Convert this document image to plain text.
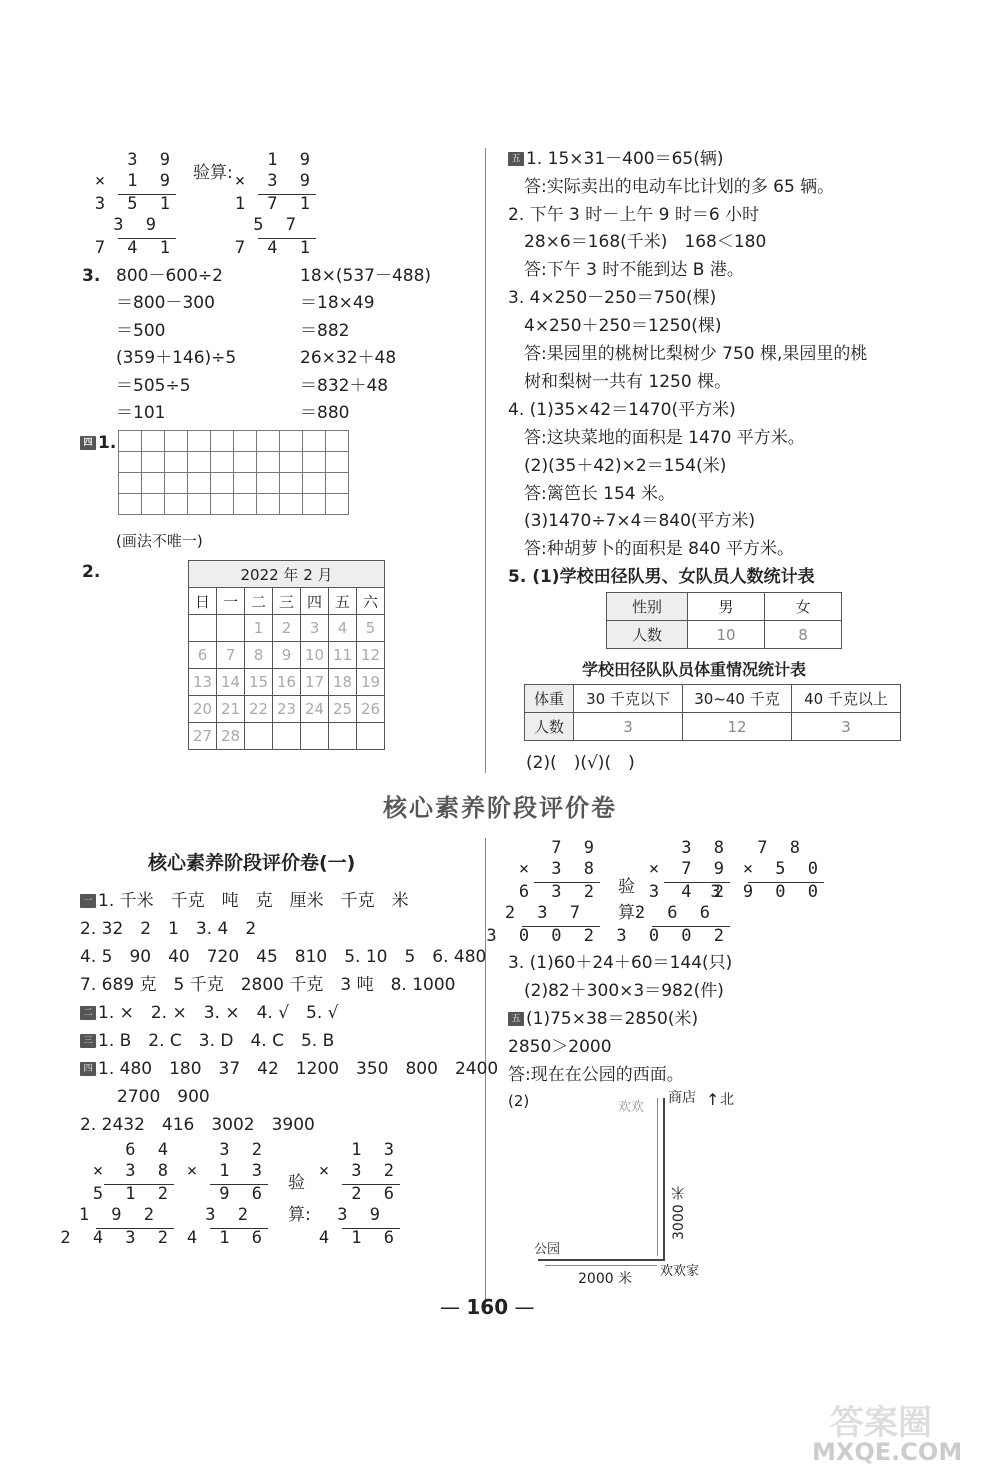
3 9
× 1 9
3 5 1
3 9
7 4 1
验算:
1 9
× 3 9
1 7 1
5 7
7 4 1
3. 800－600÷2
＝800－300
＝500
(359＋146)÷5
＝505÷5
＝101
18×(537－488)
＝18×49
＝882
26×32＋48
＝832＋48
＝880
四 1.

(画法不唯一)
2.	2022 年 2 月						
日	一	二	三	四	五	六
		1	2	3	4	5
6	7	8	9	10	11	12
13	14	15	16	17	18	19
20	21	22	23	24	25	26
27	28					
五 1. 15×31－400＝65(辆)
答:实际卖出的电动车比计划的多 65 辆。
2. 下午 3 时－上午 9 时＝6 小时
28×6＝168(千米)　168＜180
答:下午 3 时不能到达 B 港。
3. 4×250－250＝750(棵)
4×250＋250＝1250(棵)
答:果园里的桃树比梨树少 750 棵,果园里的桃
树和梨树一共有 1250 棵。
4. (1)35×42＝1470(平方米)
答:这块菜地的面积是 1470 平方米。
(2)(35＋42)×2＝154(米)
答:篱笆长 154 米。
(3)1470÷7×4＝840(平方米)
答:种胡萝卜的面积是 840 平方米。
5. (1)学校田径队男、女队员人数统计表
性别	男	女
人数	10	8
学校田径队队员体重情况统计表
体重	30 千克以下	30~40 千克	40 千克以上
人数	3	12	3
(2)(　)(√)(　)
核心素养阶段评价卷
核心素养阶段评价卷(一)
一 1. 千米　千克　吨　克　厘米　千克　米
2. 32　2　1　3. 4　2
4. 5　90　40　720　45　810　5. 10　5　6. 480
7. 689 克　5 千克　2800 千克　3 吨　8. 1000
二 1. ×　2. ×　3. ×　4. √　5. √
三 1. B　2. C　3. D　4. C　5. B
四 1. 480　180　37　42　1200　350　800　2400
　2700　900
2. 2432　416　3002　3900
6 4
× 3 8
5 1 2
1 9 2
2 4 3 2
3 2
× 1 3
9 6
3 2
4 1 6
验
算:
1 3
× 3 2
2 6
3 9
4 1 6
7 9
× 3 8
6 3 2
2 3 7
3 0 0 2
验
算:
3 8
× 7 9
3 4 2
2 6 6
3 0 0 2
7 8
× 5 0
3 9 0 0
3. (1)60＋24＋60＝144(只)
(2)82＋300×3＝982(件)
五 (1)75×38＝2850(米)
2850＞2000
答:现在在公园的西面。
(2)	欢欢
商店 ↑ 北
3000 米
公园
2000 米 欢欢家
— 160 —
答案圈
MXQE.COM
